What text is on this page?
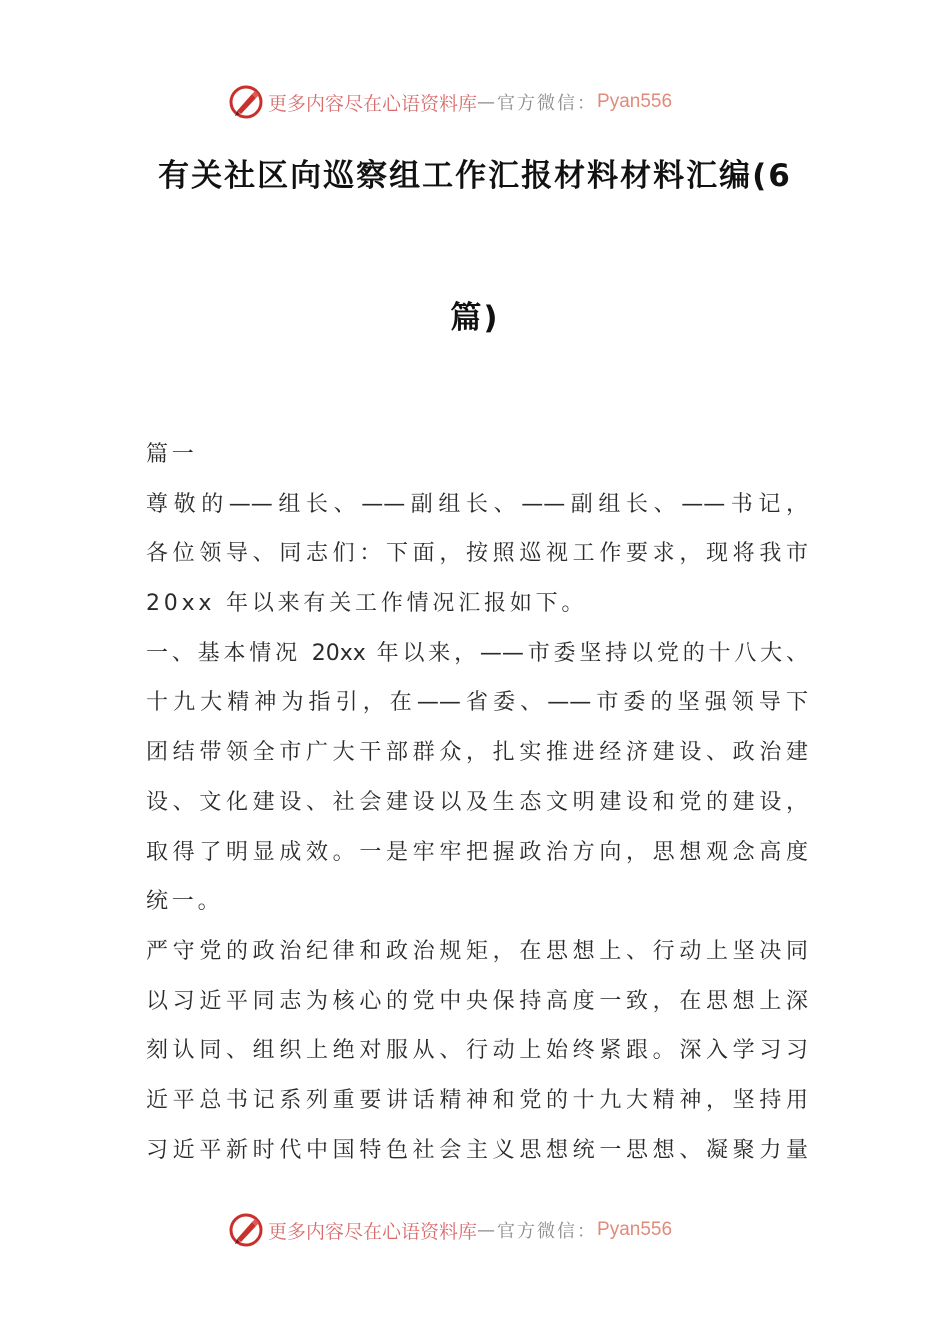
更多内容尽在心语资料库 — 官方微信： Pyan556
有关社区向巡察组工作汇报材料材料汇编(6
篇)
篇一
尊敬的——组长、——副组长、——副组长、——书记，
各位领导、同志们：下面，按照巡视工作要求，现将我市
20xx 年以来有关工作情况汇报如下。
一、基本情况 20xx 年以来，——市委坚持以党的十八大、
十九大精神为指引，在——省委、——市委的坚强领导下
团结带领全市广大干部群众，扎实推进经济建设、政治建
设、文化建设、社会建设以及生态文明建设和党的建设，
取得了明显成效。一是牢牢把握政治方向，思想观念高度
统一。
严守党的政治纪律和政治规矩，在思想上、行动上坚决同
以习近平同志为核心的党中央保持高度一致，在思想上深
刻认同、组织上绝对服从、行动上始终紧跟。深入学习习
近平总书记系列重要讲话精神和党的十九大精神，坚持用
习近平新时代中国特色社会主义思想统一思想、凝聚力量
更多内容尽在心语资料库 — 官方微信： Pyan556
